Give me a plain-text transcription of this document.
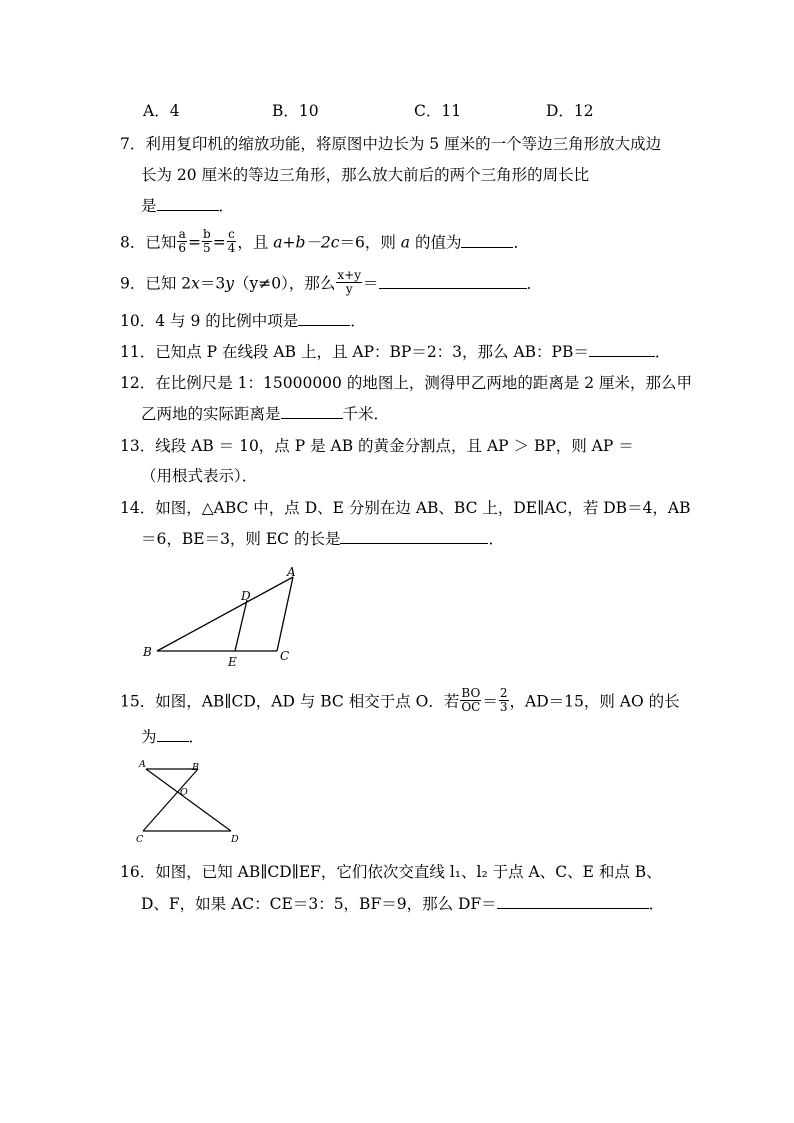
A．4	B．10	C．11	D．12
7．利用复印机的缩放功能，将原图中边长为 5 厘米的一个等边三角形放大成边
长为 20 厘米的等边三角形，那么放大前后的两个三角形的周长比
是	．
8．已知 $\frac{a}{6} = \frac{b}{5} = \frac{c}{4}$ ，且 a+b－2c＝6，则 a 的值为	．
9．已知 2x＝3y（y≠0），那么 $\frac{x+y}{y}$ ＝	．
10．4 与 9 的比例中项是	．
11．已知点 P 在线段 AB 上，且 AP：BP＝2：3，那么 AB：PB＝	．
12．在比例尺是 1：15000000 的地图上，测得甲乙两地的距离是 2 厘米，那么甲
乙两地的实际距离是	千米．
13．线段 AB ＝ 10，点 P 是 AB 的黄金分割点，且 AP ＞ BP，则 AP ＝
（用根式表示）．
14．如图，△ABC 中，点 D、E 分别在边 AB、BC 上，DE∥AC，若 DB＝4，AB
＝6，BE＝3，则 EC 的长是	．
A
B	C
D
E
15．如图，AB∥CD，AD 与 BC 相交于点 O．若 $\frac{BO}{OC} = \frac{2}{3}$ ，AD＝15，则 AO 的长
为 ．
A	B
C	D
O
16．如图，已知 AB∥CD∥EF，它们依次交直线 l₁、l₂ 于点 A、C、E 和点 B、
D、F，如果 AC：CE＝3：5，BF＝9，那么 DF＝	．
